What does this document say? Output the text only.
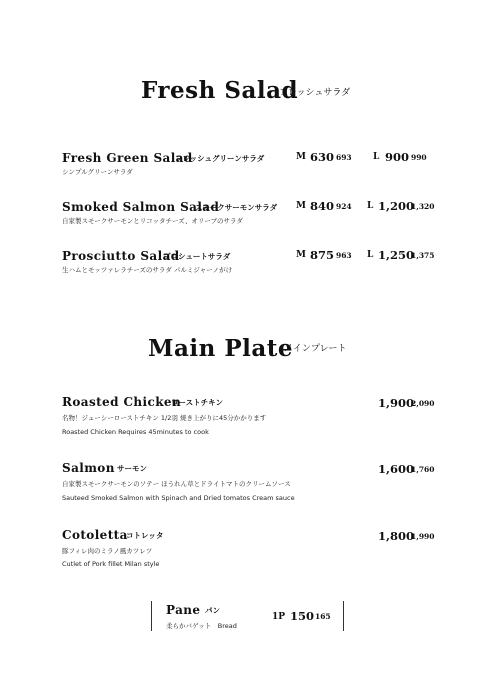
Fresh Salad
フレッシュサラダ
Fresh Green Salad
フレッシュグリーンサラダ
シンプルグリーンサラダ
M 630 693 L 900 990
Smoked Salmon Salad
スモークサーモンサラダ
自家製スモークサーモンとリコッタチーズ、オリーブのサラダ
M 840 924 L 1,200
1,320
Prosciutto Salad
プロシュートサラダ
生ハムとモッツァレラチーズのサラダ パルミジャーノがけ
M 875 963 L 1,250
1,375
Main Plate
メインプレート
Roasted Chicken
ローストチキン
名物！ジューシーローストチキン 1/2羽 焼き上がりに45分かかります
Roasted Chicken Requires 45minutes to cook
1,900
2,090
Salmon サーモン
自家製スモークサーモンのソテー ほうれん草とドライトマトのクリームソース
Sauteed Smoked Salmon with Spinach and Dried tomatos Cream sauce
1,600
1,760
Cotoletta
コトレッタ
豚フィレ肉のミラノ風カツレツ
Cutlet of Pork fillet Milan style
1,800
1,990
Pane パン
柔らかバゲット　Bread
1P 150 165
